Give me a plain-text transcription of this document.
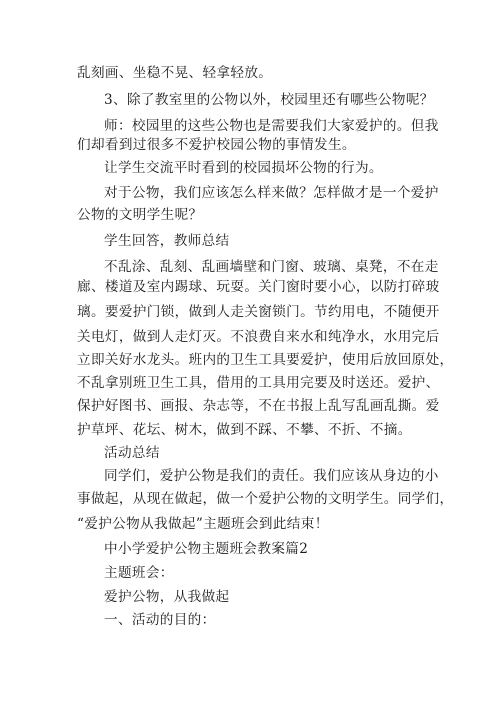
乱刻画、坐稳不晃、轻拿轻放。
3、除了教室里的公物以外，校园里还有哪些公物呢？
师：校园里的这些公物也是需要我们大家爱护的。但我
们却看到过很多不爱护校园公物的事情发生。
让学生交流平时看到的校园损坏公物的行为。
对于公物，我们应该怎么样来做？怎样做才是一个爱护
公物的文明学生呢？
学生回答，教师总结
不乱涂、乱刻、乱画墙壁和门窗、玻璃、桌凳，不在走
廊、楼道及室内踢球、玩耍。关门窗时要小心，以防打碎玻
璃。要爱护门锁，做到人走关窗锁门。节约用电，不随便开
关电灯，做到人走灯灭。不浪费自来水和纯净水，水用完后
立即关好水龙头。班内的卫生工具要爱护，使用后放回原处，
不乱拿别班卫生工具，借用的工具用完要及时送还。爱护、
保护好图书、画报、杂志等，不在书报上乱写乱画乱撕。爱
护草坪、花坛、树木，做到不踩、不攀、不折、不摘。
活动总结
同学们，爱护公物是我们的责任。我们应该从身边的小
事做起，从现在做起，做一个爱护公物的文明学生。同学们，
“爱护公物从我做起”主题班会到此结束！
中小学爱护公物主题班会教案篇2
主题班会：
爱护公物，从我做起
一、活动的目的：
